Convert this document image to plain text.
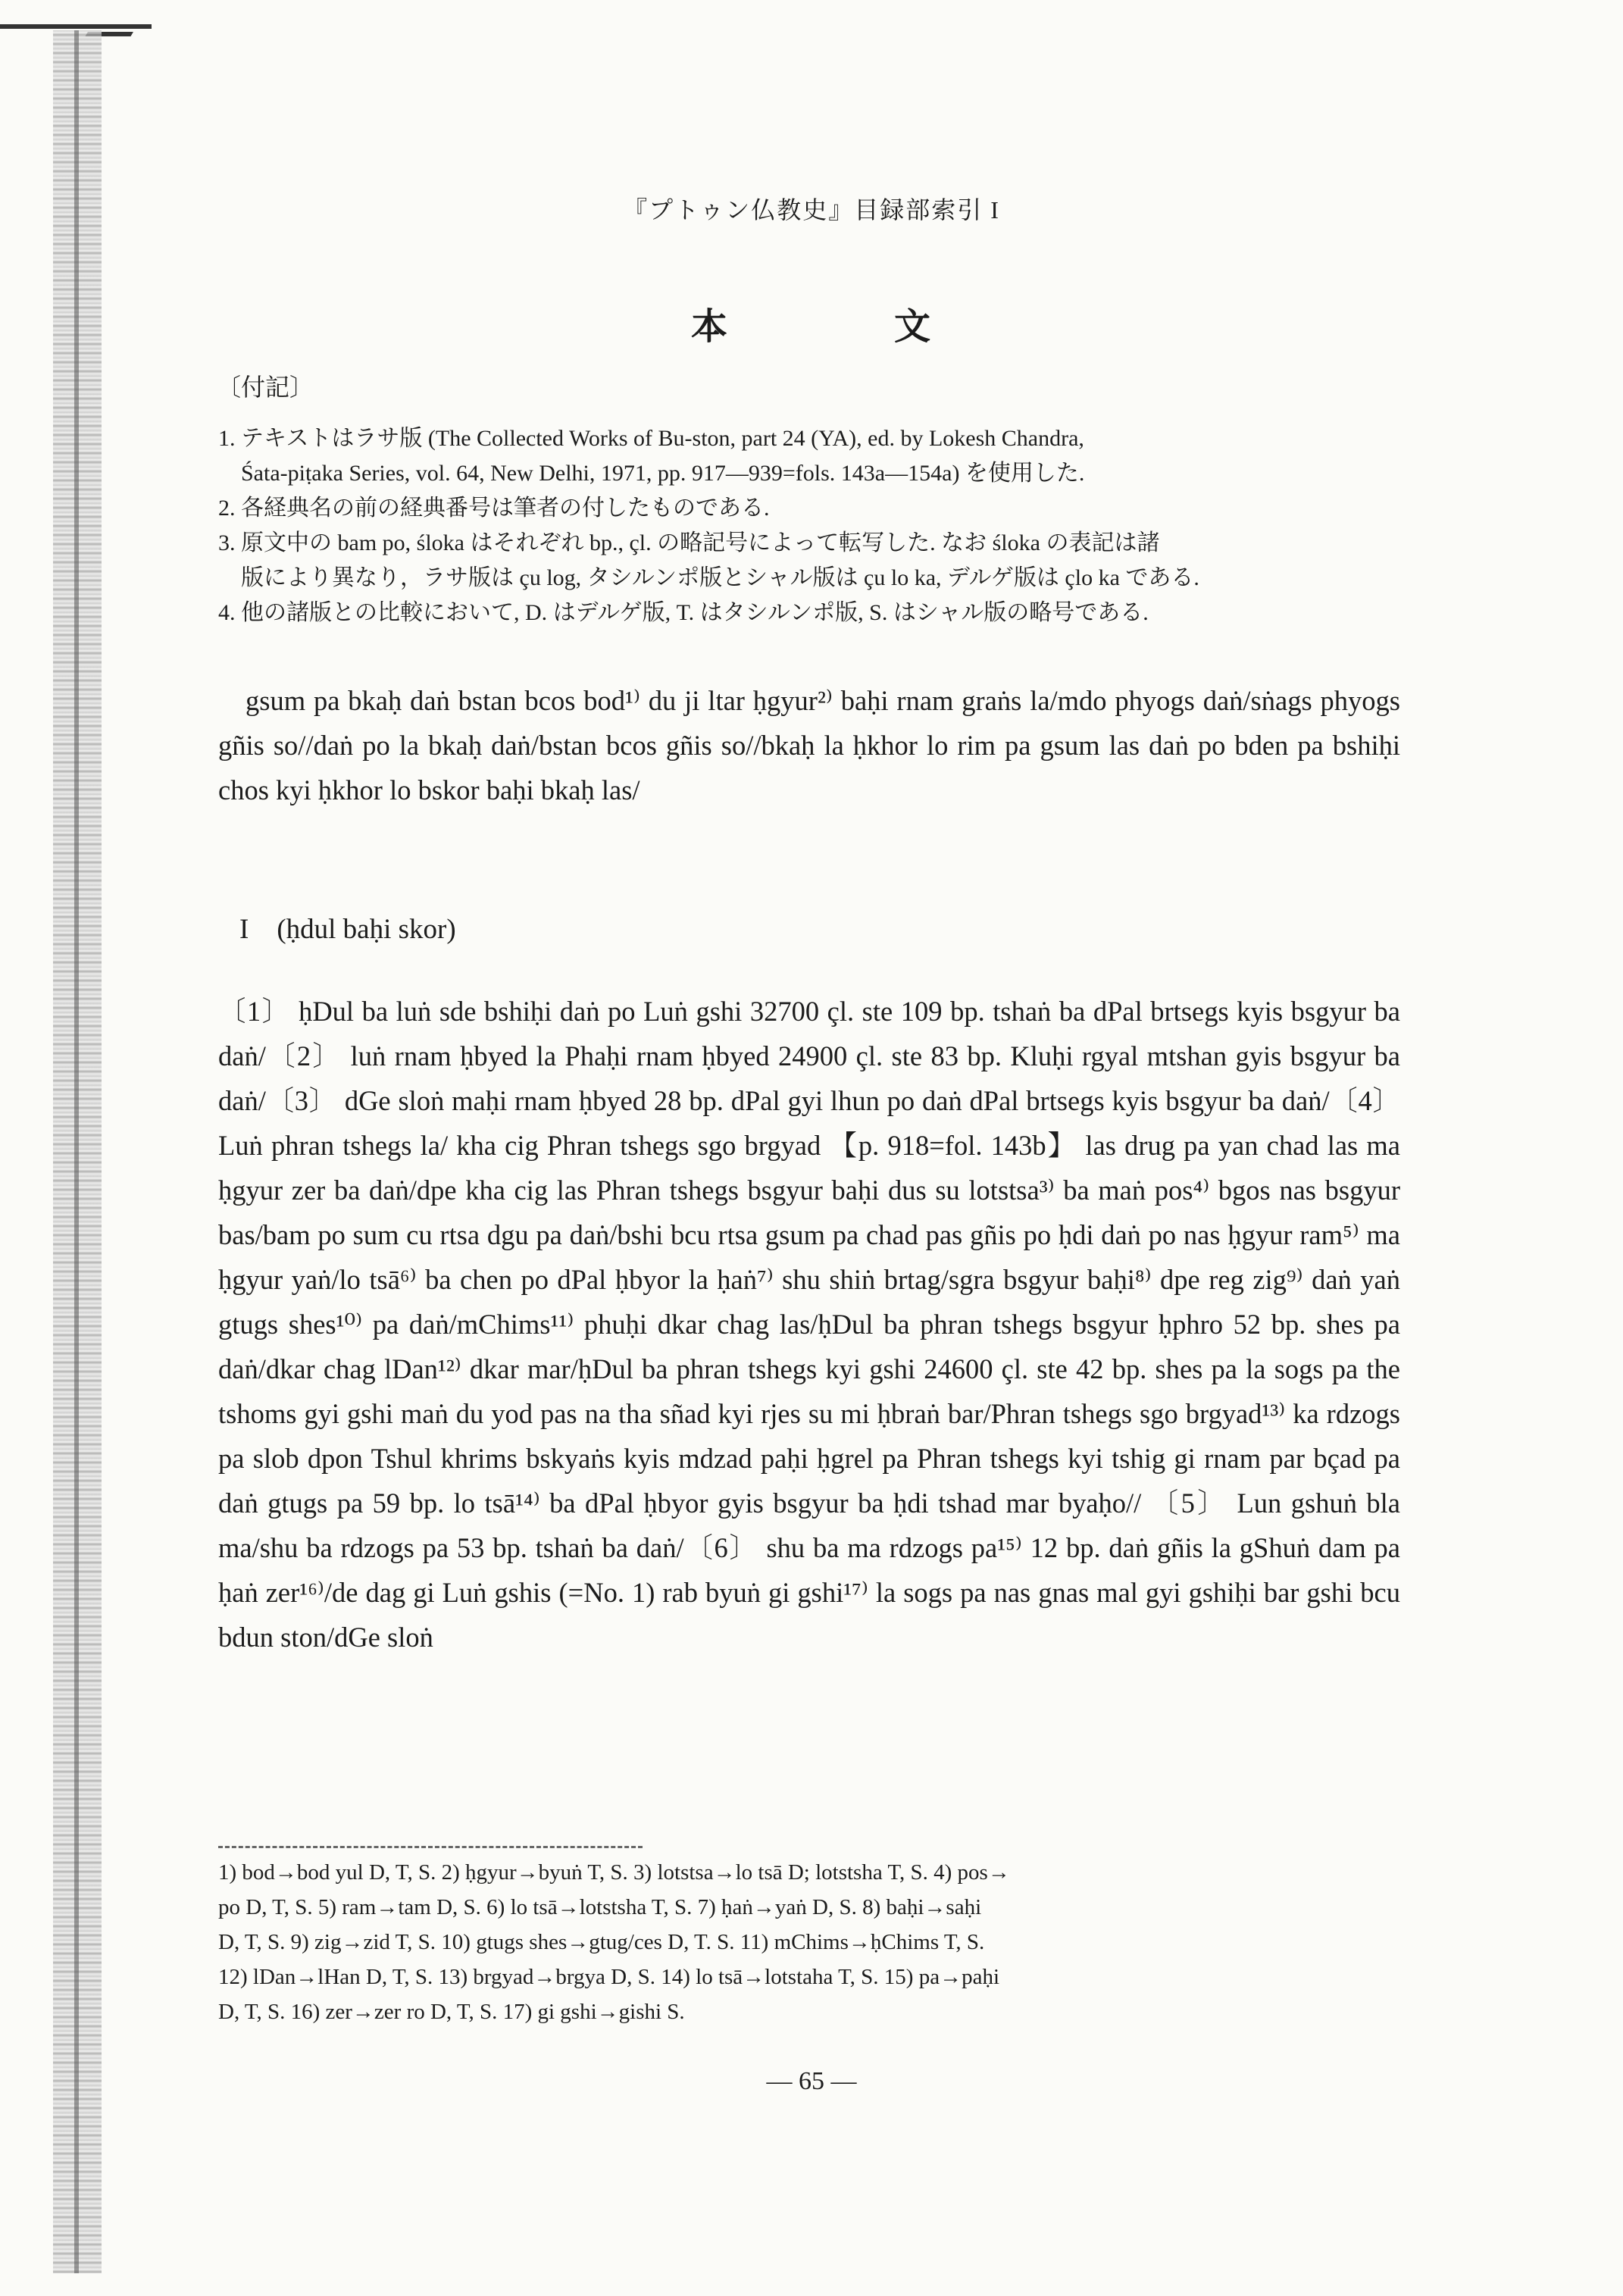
『プトゥン仏教史』目録部索引 I
本	文
〔付記〕
1. テキストはラサ版 (The Collected Works of Bu-ston, part 24 (YA), ed. by Lokesh Chandra,
Śata-piṭaka Series, vol. 64, New Delhi, 1971, pp. 917—939=fols. 143a—154a) を使用した.
2. 各経典名の前の経典番号は筆者の付したものである.
3. 原文中の bam po, śloka はそれぞれ bp., çl. の略記号によって転写した. なお śloka の表記は諸
版により異なり，ラサ版は çu log, タシルンポ版とシャル版は çu lo ka, デルゲ版は çlo ka である.
4. 他の諸版との比較において, D. はデルゲ版, T. はタシルンポ版, S. はシャル版の略号である.

gsum pa bkaḥ daṅ bstan bcos bod¹⁾ du ji ltar ḥgyur²⁾ baḥi rnam graṅs la/mdo phyogs daṅ/sṅags phyogs gñis so//daṅ po la bkaḥ daṅ/bstan bcos gñis so//bkaḥ la ḥkhor lo rim pa gsum las daṅ po bden pa bshiḥi chos kyi ḥkhor lo bskor baḥi bkaḥ las/

I　(ḥdul baḥi skor)

〔1〕 ḥDul ba luṅ sde bshiḥi daṅ po Luṅ gshi 32700 çl. ste 109 bp. tshaṅ ba dPal brtsegs kyis bsgyur ba daṅ/〔2〕 luṅ rnam ḥbyed la Phaḥi rnam ḥbyed 24900 çl. ste 83 bp. Kluḥi rgyal mtshan gyis bsgyur ba daṅ/〔3〕 dGe sloṅ maḥi rnam ḥbyed 28 bp. dPal gyi lhun po daṅ dPal brtsegs kyis bsgyur ba daṅ/〔4〕 Luṅ phran tshegs la/ kha cig Phran tshegs sgo brgyad 【p. 918=fol. 143b】 las drug pa yan chad las ma ḥgyur zer ba daṅ/dpe kha cig las Phran tshegs bsgyur baḥi dus su lotstsa³⁾ ba maṅ pos⁴⁾ bgos nas bsgyur bas/bam po sum cu rtsa dgu pa daṅ/bshi bcu rtsa gsum pa chad pas gñis po ḥdi daṅ po nas ḥgyur ram⁵⁾ ma ḥgyur yaṅ/lo tsā⁶⁾ ba chen po dPal ḥbyor la ḥaṅ⁷⁾ shu shiṅ brtag/sgra bsgyur baḥi⁸⁾ dpe reg zig⁹⁾ daṅ yaṅ gtugs shes¹⁰⁾ pa daṅ/mChims¹¹⁾ phuḥi dkar chag las/ḥDul ba phran tshegs bsgyur ḥphro 52 bp. shes pa daṅ/dkar chag lDan¹²⁾ dkar mar/ḥDul ba phran tshegs kyi gshi 24600 çl. ste 42 bp. shes pa la sogs pa the tshoms gyi gshi maṅ du yod pas na tha sñad kyi rjes su mi ḥbraṅ bar/Phran tshegs sgo brgyad¹³⁾ ka rdzogs pa slob dpon Tshul khrims bskyaṅs kyis mdzad paḥi ḥgrel pa Phran tshegs kyi tshig gi rnam par bçad pa daṅ gtugs pa 59 bp. lo tsā¹⁴⁾ ba dPal ḥbyor gyis bsgyur ba ḥdi tshad mar byaḥo// 〔5〕 Lun gshuṅ bla ma/shu ba rdzogs pa 53 bp. tshaṅ ba daṅ/〔6〕 shu ba ma rdzogs pa¹⁵⁾ 12 bp. daṅ gñis la gShuṅ dam pa ḥaṅ zer¹⁶⁾/de dag gi Luṅ gshis (=No. 1) rab byuṅ gi gshi¹⁷⁾ la sogs pa nas gnas mal gyi gshiḥi bar gshi bcu bdun ston/dGe sloṅ

1) bod→bod yul D, T, S. 2) ḥgyur→byuṅ T, S. 3) lotstsa→lo tsā D; lotstsha T, S. 4) pos→
po D, T, S. 5) ram→tam D, S. 6) lo tsā→lotstsha T, S. 7) ḥaṅ→yaṅ D, S. 8) baḥi→saḥi
D, T, S. 9) zig→zid T, S. 10) gtugs shes→gtug/ces D, T. S. 11) mChims→ḥChims T, S.
12) lDan→lHan D, T, S. 13) brgyad→brgya D, S. 14) lo tsā→lotstaha T, S. 15) pa→paḥi
D, T, S. 16) zer→zer ro D, T, S. 17) gi gshi→gishi S.
— 65 —
